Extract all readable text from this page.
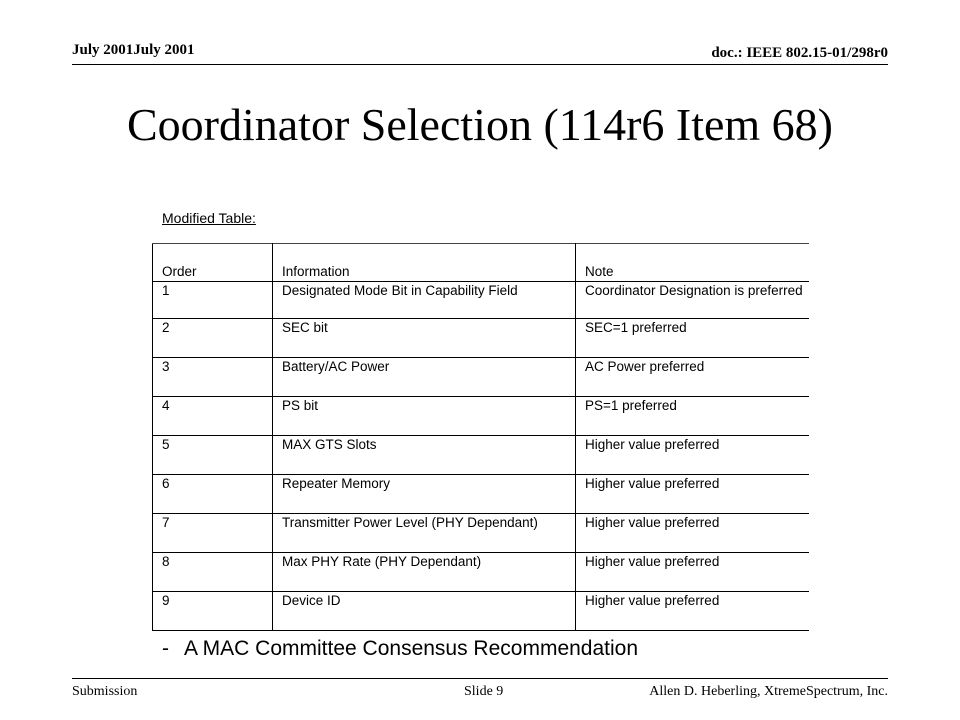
July 2001July 2001	doc.: IEEE 802.15-01/298r0
Coordinator Selection (114r6 Item 68)
Modified Table:
Order	Information	Note
1	Designated Mode Bit in Capability Field	Coordinator Designation is preferred
2	SEC bit	SEC=1 preferred
3	Battery/AC Power	AC Power preferred
4	PS bit	PS=1 preferred
5	MAX GTS Slots	Higher value preferred
6	Repeater Memory	Higher value preferred
7	Transmitter Power Level (PHY Dependant)	Higher value preferred
8	Max PHY Rate (PHY Dependant)	Higher value preferred
9	Device ID	Higher value preferred
- A MAC Committee Consensus Recommendation
Submission	Slide 9	Allen D. Heberling, XtremeSpectrum, Inc.
